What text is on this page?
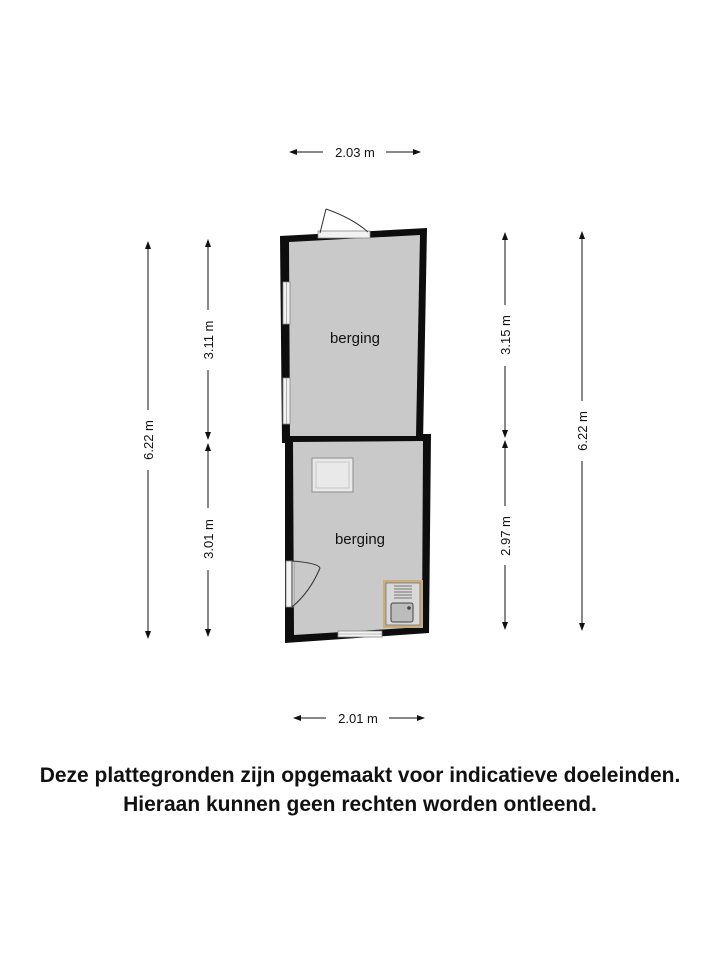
berging
berging
2.03 m
2.01 m
6.22 m
3.11 m
3.01 m
3.15 m
2.97 m
6.22 m
Deze plattegronden zijn opgemaakt voor indicatieve doeleinden.
Hieraan kunnen geen rechten worden ontleend.
